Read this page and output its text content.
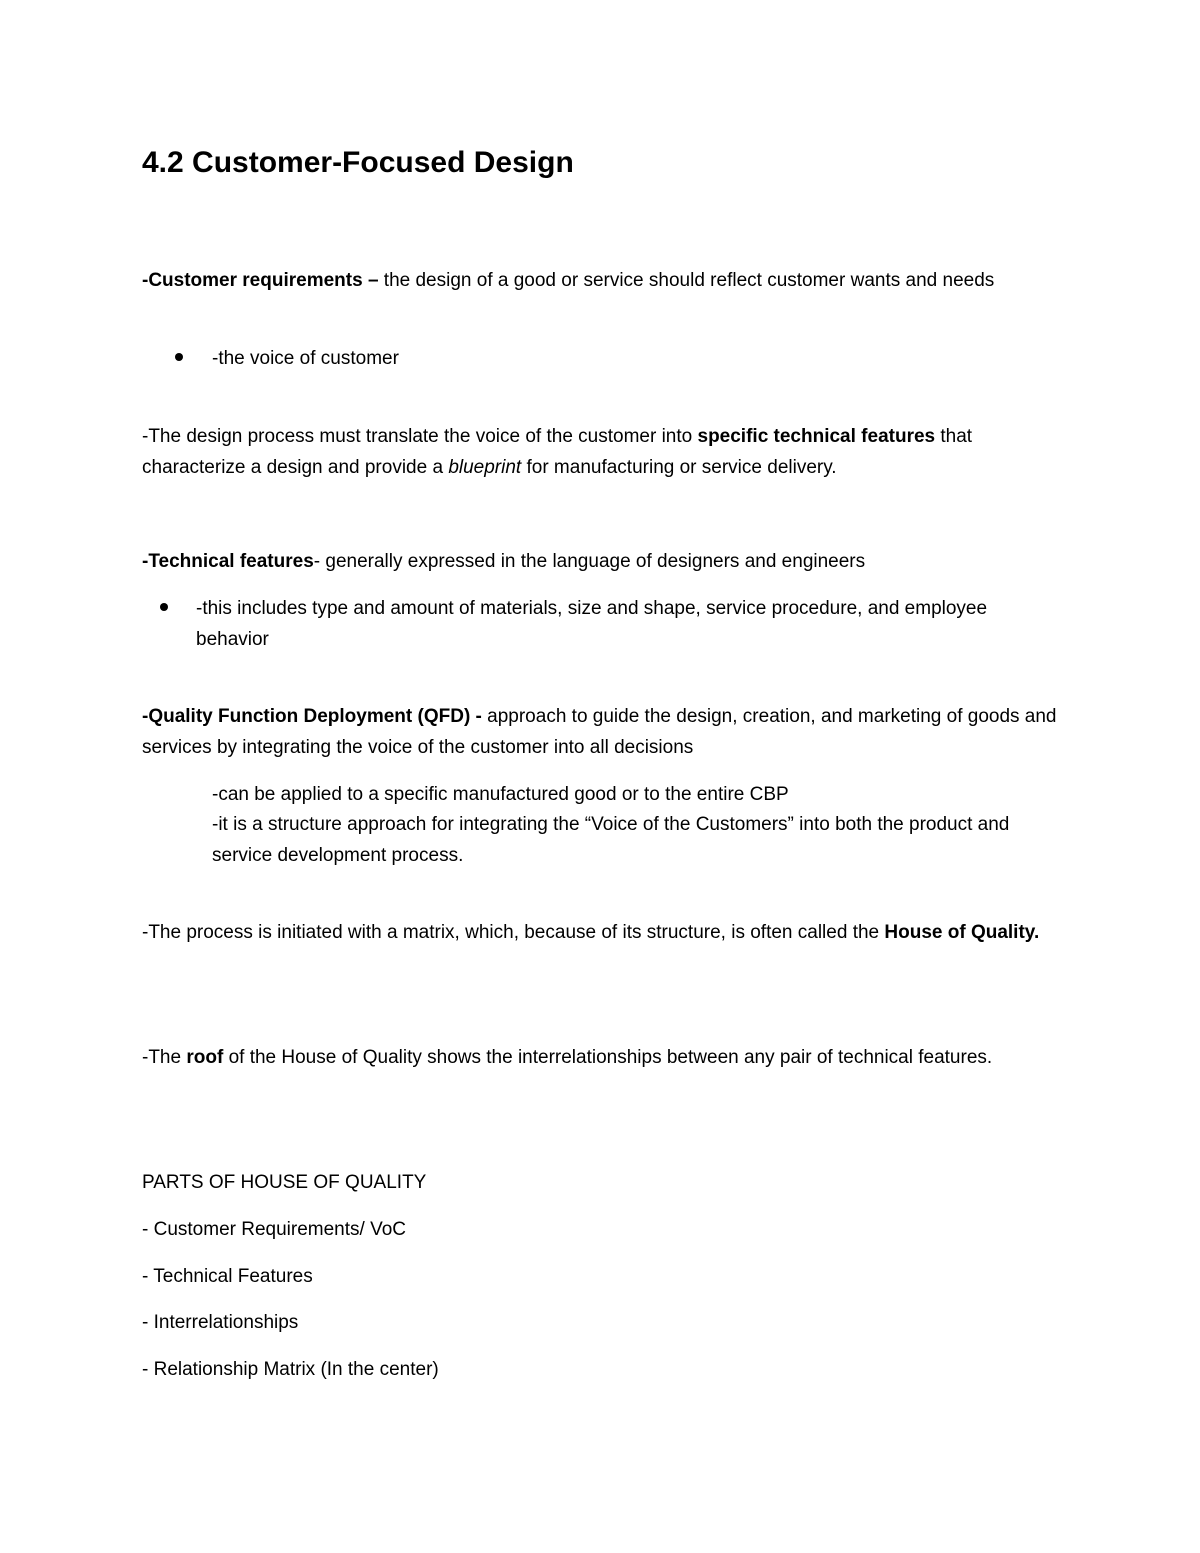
4.2 Customer-Focused Design
-Customer requirements – the design of a good or service should reflect customer wants and needs
-the voice of customer
-The design process must translate the voice of the customer into specific technical features that characterize a design and provide a blueprint for manufacturing or service delivery.
-Technical features- generally expressed in the language of designers and engineers
-this includes type and amount of materials, size and shape, service procedure, and employee behavior
-Quality Function Deployment (QFD) - approach to guide the design, creation, and marketing of goods and services by integrating the voice of the customer into all decisions
-can be applied to a specific manufactured good or to the entire CBP
-it is a structure approach for integrating the “Voice of the Customers” into both the product and service development process.
-The process is initiated with a matrix, which, because of its structure, is often called the House of Quality.
-The roof of the House of Quality shows the interrelationships between any pair of technical features.
PARTS OF HOUSE OF QUALITY
- Customer Requirements/ VoC
- Technical Features
- Interrelationships
- Relationship Matrix (In the center)
